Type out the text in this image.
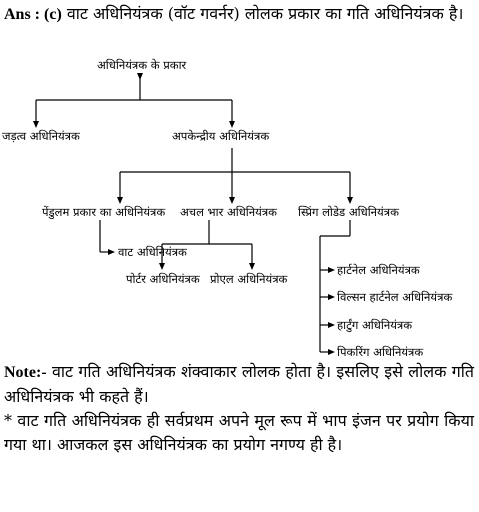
Ans : (c) वाट अधिनियंत्रक (वॉट गवर्नर) लोलक प्रकार का गति अधिनियंत्रक है।
अधिनियंत्रक के प्रकार
जड़त्व अधिनियंत्रक	अपकेन्द्रीय अधिनियंत्रक
पेंडुलम प्रकार का अधिनियंत्रक अचल भार अधिनियंत्रक स्प्रिंग लोडेड अधिनियंत्रक
वाट अधिनियंत्रक
पोर्टर अधिनियंत्रक प्रोएल अधिनियंत्रक
हार्टनेल अधिनियंत्रक
विल्सन हार्टनेल अधिनियंत्रक
हार्टुंग अधिनियंत्रक
पिकरिंग अधिनियंत्रक
Note:- वाट गति अधिनियंत्रक शंक्वाकार लोलक होता है। इसलिए इसे लोलक गति अधिनियंत्रक भी कहते हैं।
* वाट गति अधिनियंत्रक ही सर्वप्रथम अपने मूल रूप में भाप इंजन पर प्रयोग किया गया था। आजकल इस अधिनियंत्रक का प्रयोग नगण्य ही है।
